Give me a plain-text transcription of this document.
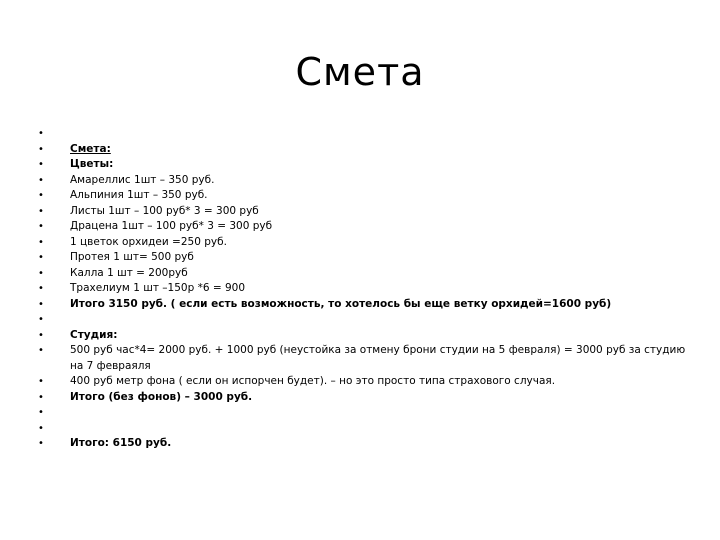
Смета
•
•	Смета:
•	Цветы:
•	Амареллис 1шт – 350 руб.
•	Альпиния 1шт – 350 руб.
•	Листы 1шт – 100 руб* 3 = 300 руб
•	Драцена 1шт – 100 руб* 3 = 300 руб
•	1 цветок орхидеи =250 руб.
•	Протея 1 шт= 500 руб
•	Калла 1 шт = 200руб
•	Трахелиум 1 шт –150р *6 = 900
•	Итого 3150 руб. ( если есть возможность, то хотелось бы еще ветку орхидей=1600 руб)
•
•	Студия:
•	500 руб час*4= 2000 руб. + 1000 руб (неустойка за отмену брони студии на 5 февраля) = 3000 руб за студию на 7 февраяля
•	400 руб метр фона ( если он испорчен будет). – но это просто типа страхового случая.
•	Итого (без фонов) – 3000 руб.
•
•
•	Итого: 6150 руб.
